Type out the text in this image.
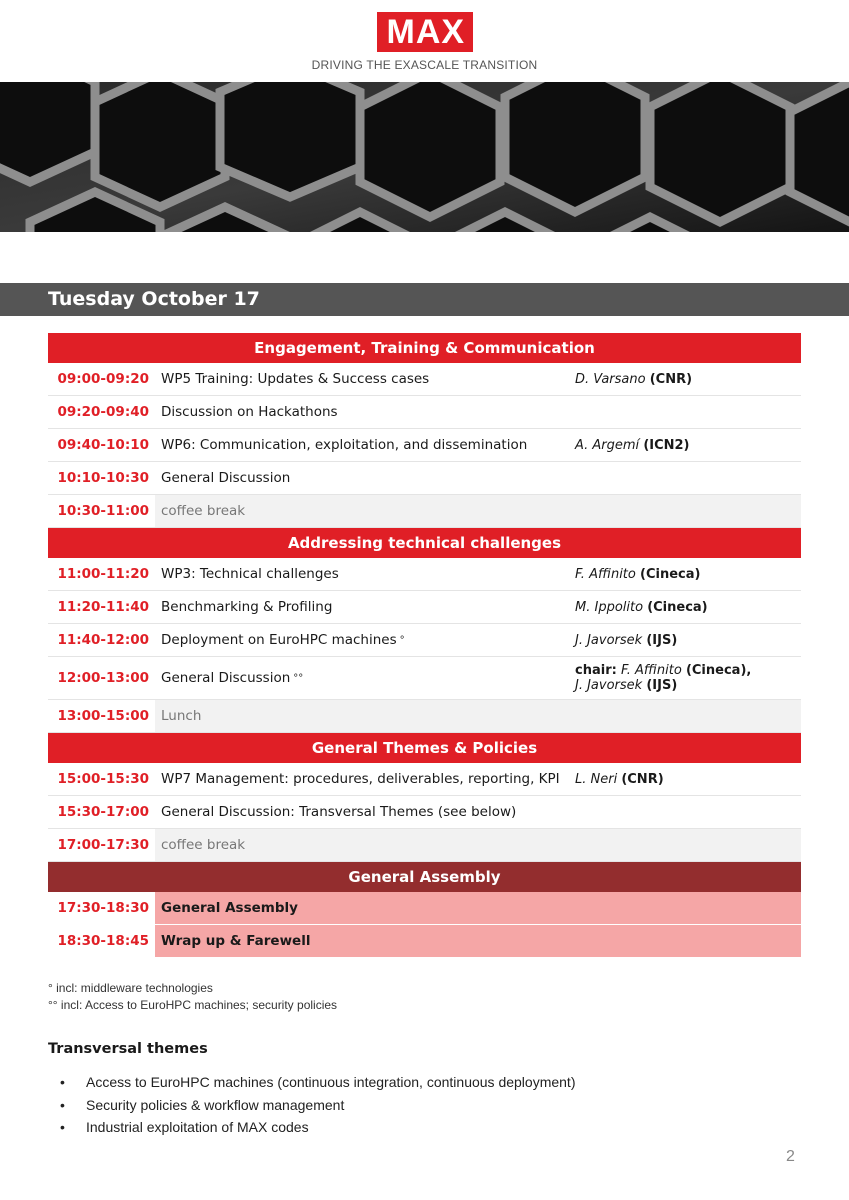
MAX
DRIVING THE EXASCALE TRANSITION
Tuesday October 17
Engagement, Training & Communication
09:00-09:20 WP5 Training: Updates & Success cases	D. Varsano (CNR)
09:20-09:40 Discussion on Hackathons
09:40-10:10 WP6: Communication, exploitation, and dissemination	A. Argemí (ICN2)
10:10-10:30 General Discussion
10:30-11:00 coffee break
Addressing technical challenges
11:00-11:20 WP3: Technical challenges	F. Affinito (Cineca)
11:20-11:40 Benchmarking & Profiling	M. Ippolito (Cineca)
11:40-12:00 Deployment on EuroHPC machines °	J. Javorsek (IJS)
12:00-13:00 General Discussion °°	chair: F. Affinito (Cineca),
J. Javorsek (IJS)
13:00-15:00 Lunch
General Themes & Policies
15:00-15:30 WP7 Management: procedures, deliverables, reporting, KPI	L. Neri (CNR)
15:30-17:00 General Discussion: Transversal Themes (see below)
17:00-17:30 coffee break
General Assembly
17:30-18:30 General Assembly
18:30-18:45 Wrap up & Farewell
° incl: middleware technologies
°° incl: Access to EuroHPC machines; security policies
Transversal themes
•	Access to EuroHPC machines (continuous integration, continuous deployment)
•	Security policies & workflow management
•	Industrial exploitation of MAX codes
2
